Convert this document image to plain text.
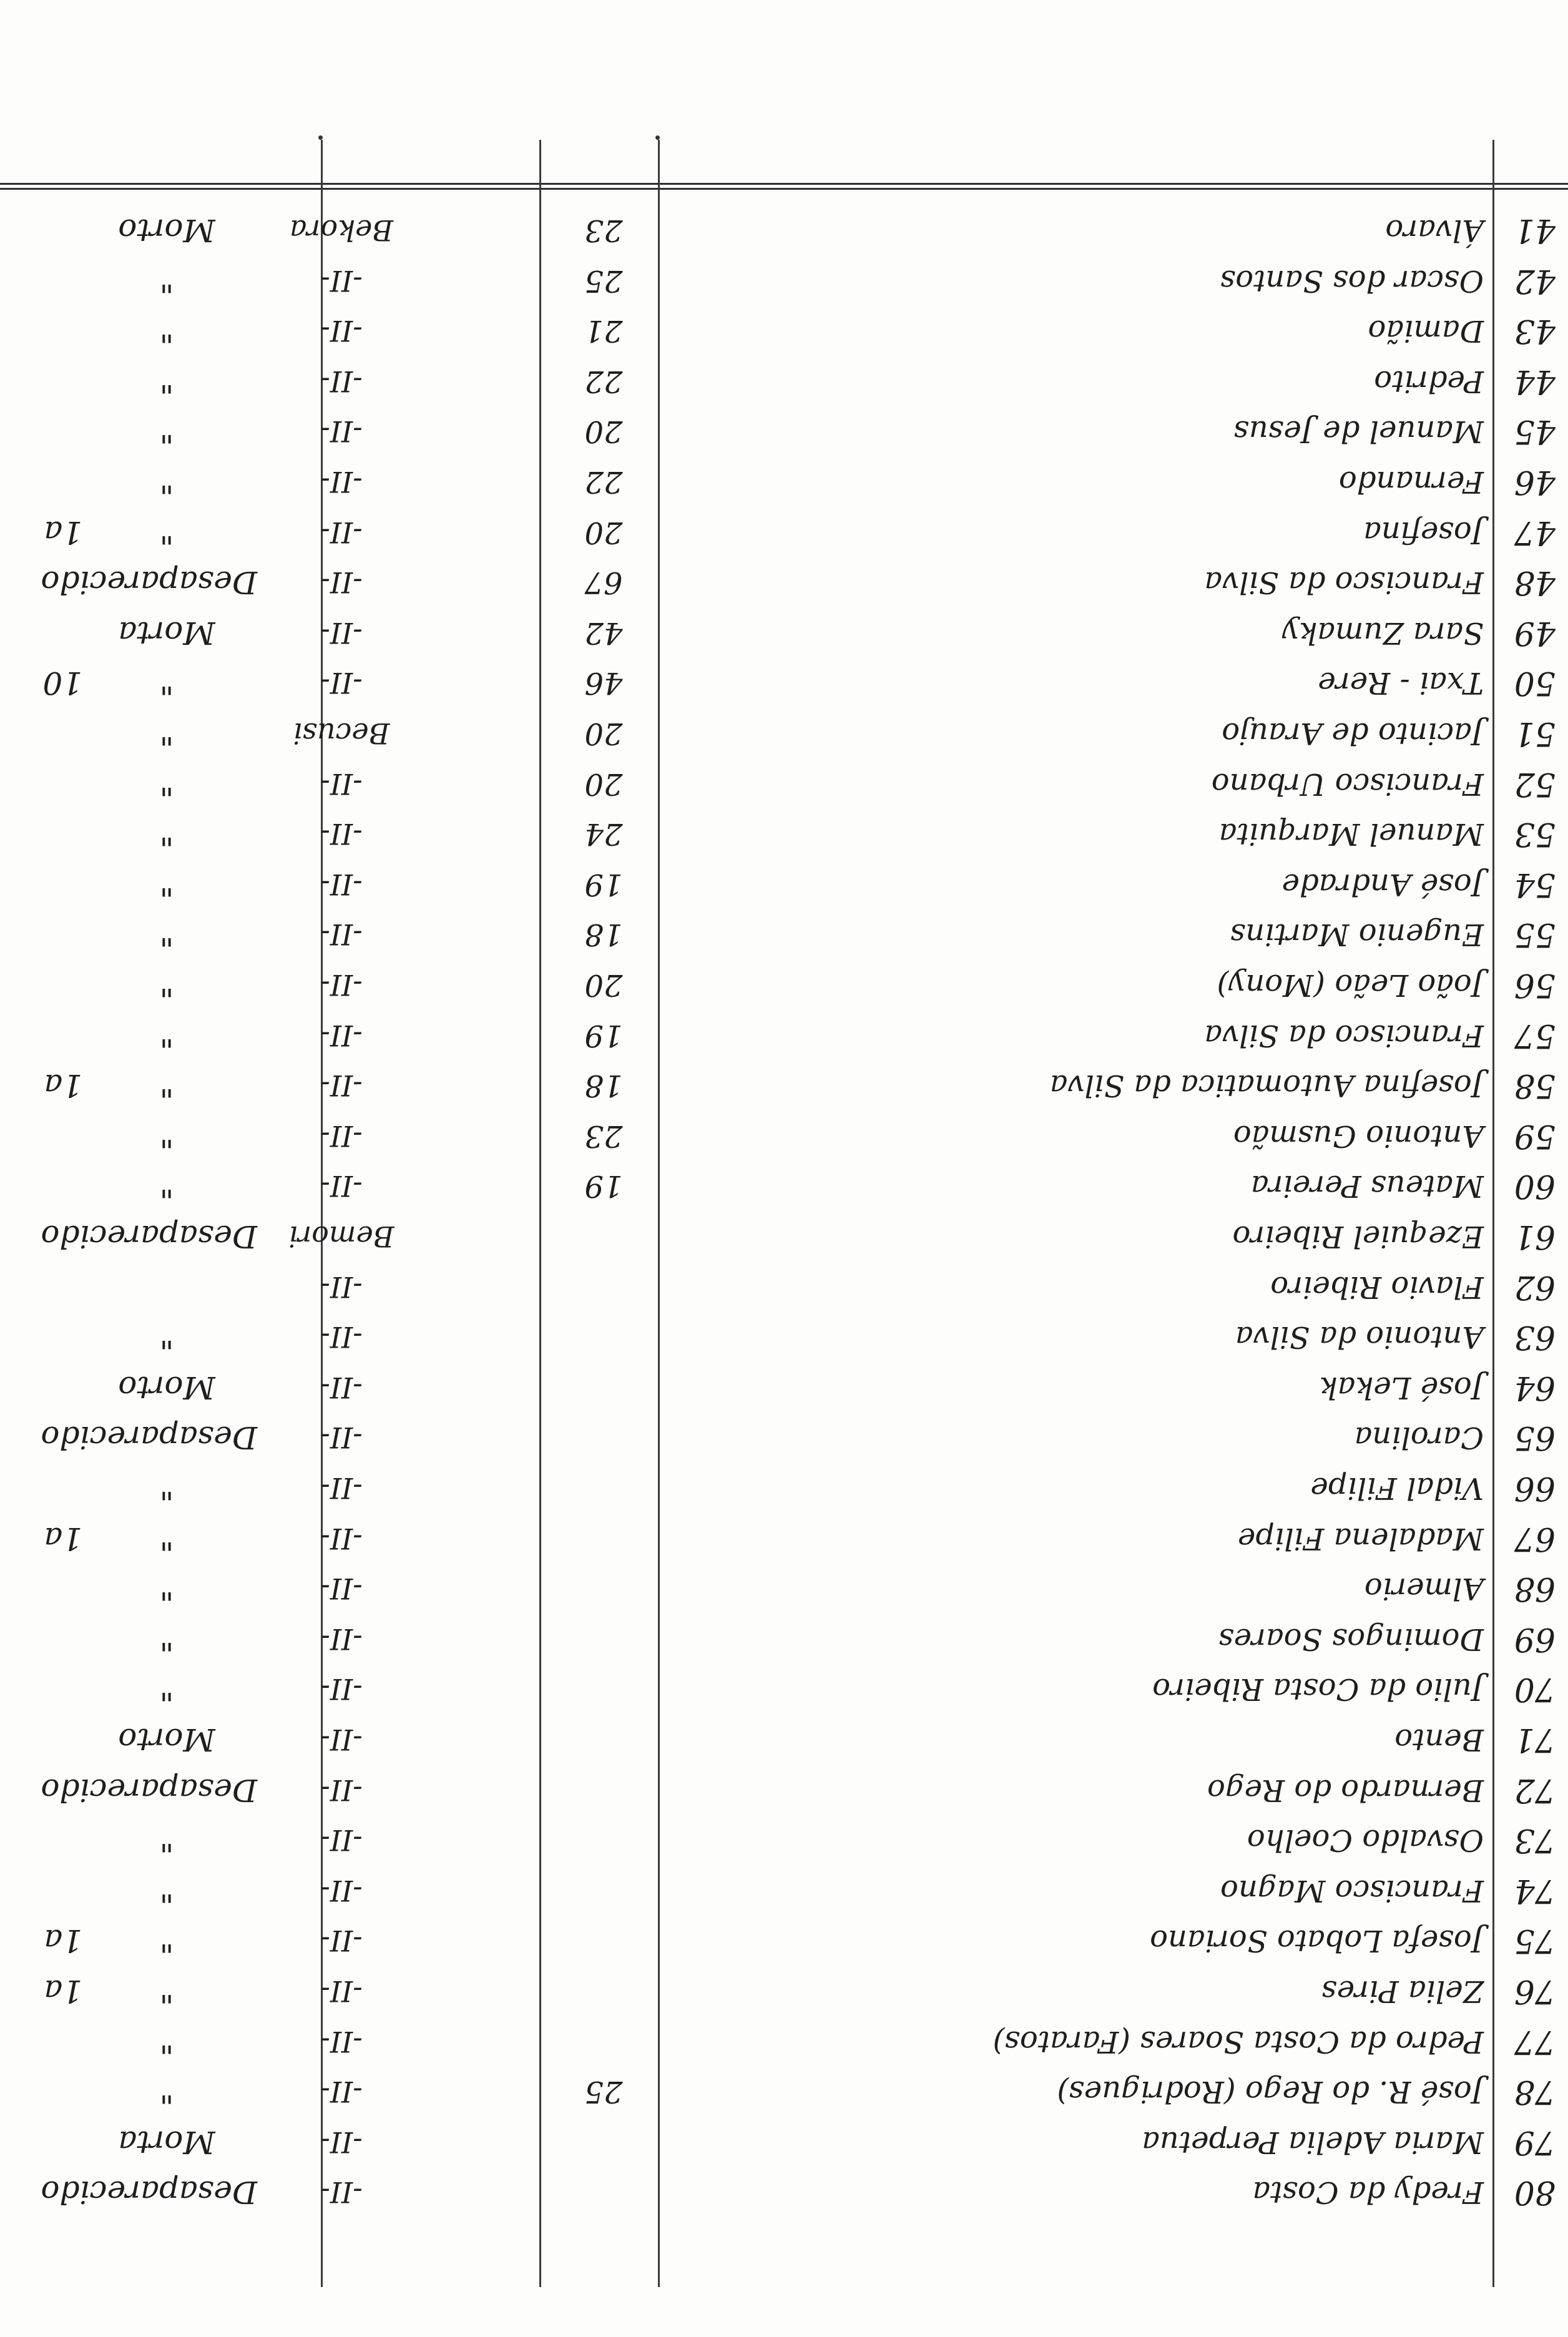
41
Álvaro
23
Bekora
Morto
42
Oscar dos Santos
25
-II-
"
43
Damião
21
-II-
"
44
Pedrito
22
-II-
"
45
Manuel de Jesus
20
-II-
"
46
Fernando
22
-II-
"
47
Josefina
20
-II-
"
1a
48
Francisco da Silva
67
-II-
Desaparecido
49
Sara Zumaky
42
-II-
Morta
50
Txai - Rere
46
-II-
"
10
51
Jacinto de Araujo
20
Becusi
"
52
Francisco Urbano
20
-II-
"
53
Manuel Marquita
24
-II-
"
54
José Andrade
19
-II-
"
55
Eugenio Martins
18
-II-
"
56
João Leão (Mony)
20
-II-
"
57
Francisco da Silva
19
-II-
"
58
Josefina Automatica da Silva
18
-II-
"
1a
59
Antonio Gusmão
23
-II-
"
60
Mateus Pereira
19
-II-
"
61
Ezequiel Ribeiro
Bemori
Desaparecido
62
Flavio Ribeiro
-II-
63
Antonio da Silva
-II-
"
64
José Lekak
-II-
Morto
65
Carolina
-II-
Desaparecido
66
Vidal Filipe
-II-
"
67
Madalena Filipe
-II-
"
1a
68
Almerio
-II-
"
69
Domingos Soares
-II-
"
70
Julio da Costa Ribeiro
-II-
"
71
Bento
-II-
Morto
72
Bernardo do Rego
-II-
Desaparecido
73
Osvaldo Coelho
-II-
"
74
Francisco Magno
-II-
"
75
Josefa Lobato Soriano
-II-
"
1a
76
Zelia Pires
-II-
"
1a
77
Pedro da Costa Soares (Faratos)
-II-
"
78
José R. do Rego (Rodrigues)
25
-II-
"
79
Maria Adelia Perpetua
-II-
Morta
80
Fredy da Costa
-II-
Desaparecido
